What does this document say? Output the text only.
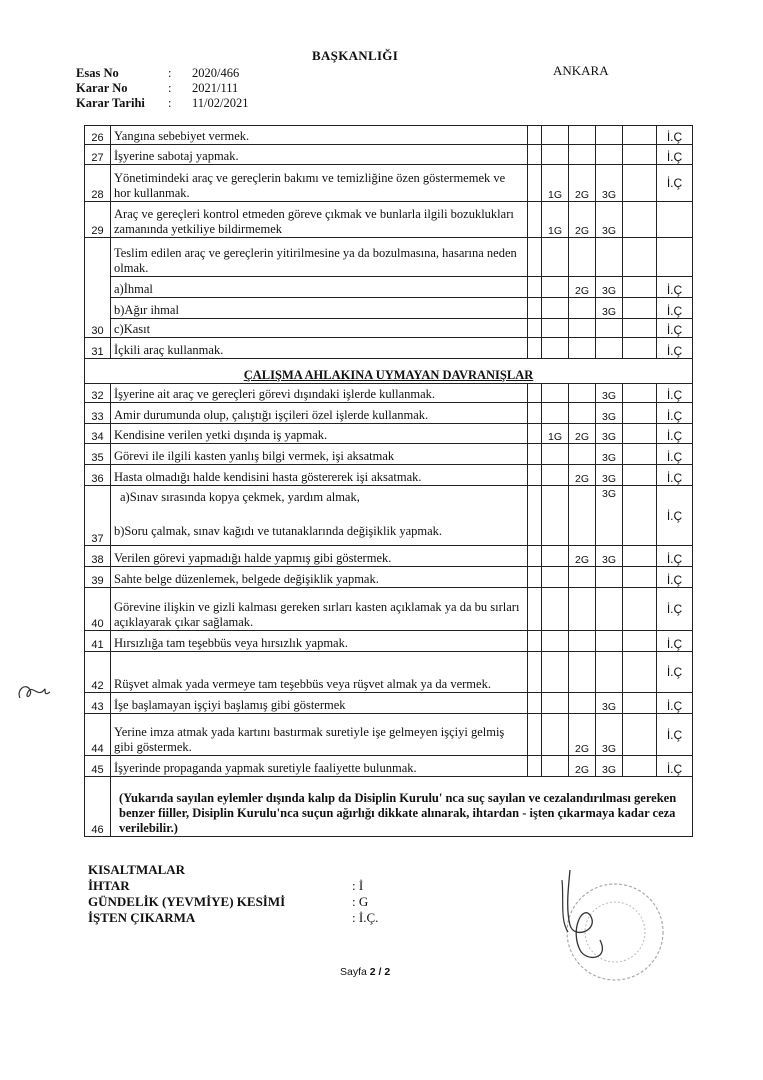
BAŞKANLIĞI
ANKARA
Esas No	:	2020/466
Karar No	:	2021/111
Karar Tarihi	:	11/02/2021
26	Yangına sebebiyet vermek.						İ.Ç
27	İşyerine sabotaj yapmak.						İ.Ç
28	Yönetimindeki araç ve gereçlerin bakımı ve temizliğine özen göstermemek ve hor kullanmak.		1G	2G	3G		İ.Ç
29	Araç ve gereçleri kontrol etmeden göreve çıkmak ve bunlarla ilgili bozuklukları zamanında yetkiliye bildirmemek		1G	2G	3G		
30	Teslim edilen araç ve gereçlerin yitirilmesine ya da bozulmasına, hasarına neden olmak.						
	a)İhmal			2G	3G		İ.Ç
	b)Ağır ihmal				3G		İ.Ç
	c)Kasıt						İ.Ç
31	İçkili araç kullanmak.						İ.Ç
ÇALIŞMA AHLAKINA UYMAYAN DAVRANIŞLAR							
32	İşyerine ait araç ve gereçleri görevi dışındaki işlerde kullanmak.				3G		İ.Ç
33	Amir durumunda olup, çalıştığı işçileri özel işlerde kullanmak.				3G		İ.Ç
34	Kendisine verilen yetki dışında iş yapmak.		1G	2G	3G		İ.Ç
35	Görevi ile ilgili kasten yanlış bilgi vermek, işi aksatmak				3G		İ.Ç
36	Hasta olmadığı halde kendisini hasta göstererek işi aksatmak.			2G	3G		İ.Ç
37	a)Sınav sırasında kopya çekmek, yardım almak,
b)Soru çalmak, sınav kağıdı ve tutanaklarında değişiklik yapmak.				3G		İ.Ç
38	Verilen görevi yapmadığı halde yapmış gibi göstermek.			2G	3G		İ.Ç
39	Sahte belge düzenlemek, belgede değişiklik yapmak.						İ.Ç
40	Görevine ilişkin ve gizli kalması gereken sırları kasten açıklamak ya da bu sırları açıklayarak çıkar sağlamak.						İ.Ç
41	Hırsızlığa tam teşebbüs veya hırsızlık yapmak.						İ.Ç
42	Rüşvet almak yada vermeye tam teşebbüs veya rüşvet almak ya da vermek.						İ.Ç
43	İşe başlamayan işçiyi başlamış gibi göstermek				3G		İ.Ç
44	Yerine imza atmak yada kartını bastırmak suretiyle işe gelmeyen işçiyi gelmiş gibi göstermek.			2G	3G		İ.Ç
45	İşyerinde propaganda yapmak suretiyle faaliyette bulunmak.			2G	3G		İ.Ç
46	(Yukarıda sayılan eylemler dışında kalıp da Disiplin Kurulu' nca suç sayılan ve cezalandırılması gereken benzer fiiller, Disiplin Kurulu'nca suçun ağırlığı dikkate alınarak, ihtardan - işten çıkarmaya kadar ceza verilebilir.)						
KISALTMALAR
İHTAR	: İ
GÜNDELİK (YEVMİYE) KESİMİ	: G
İŞTEN ÇIKARMA	: İ.Ç.
Sayfa 2 / 2
